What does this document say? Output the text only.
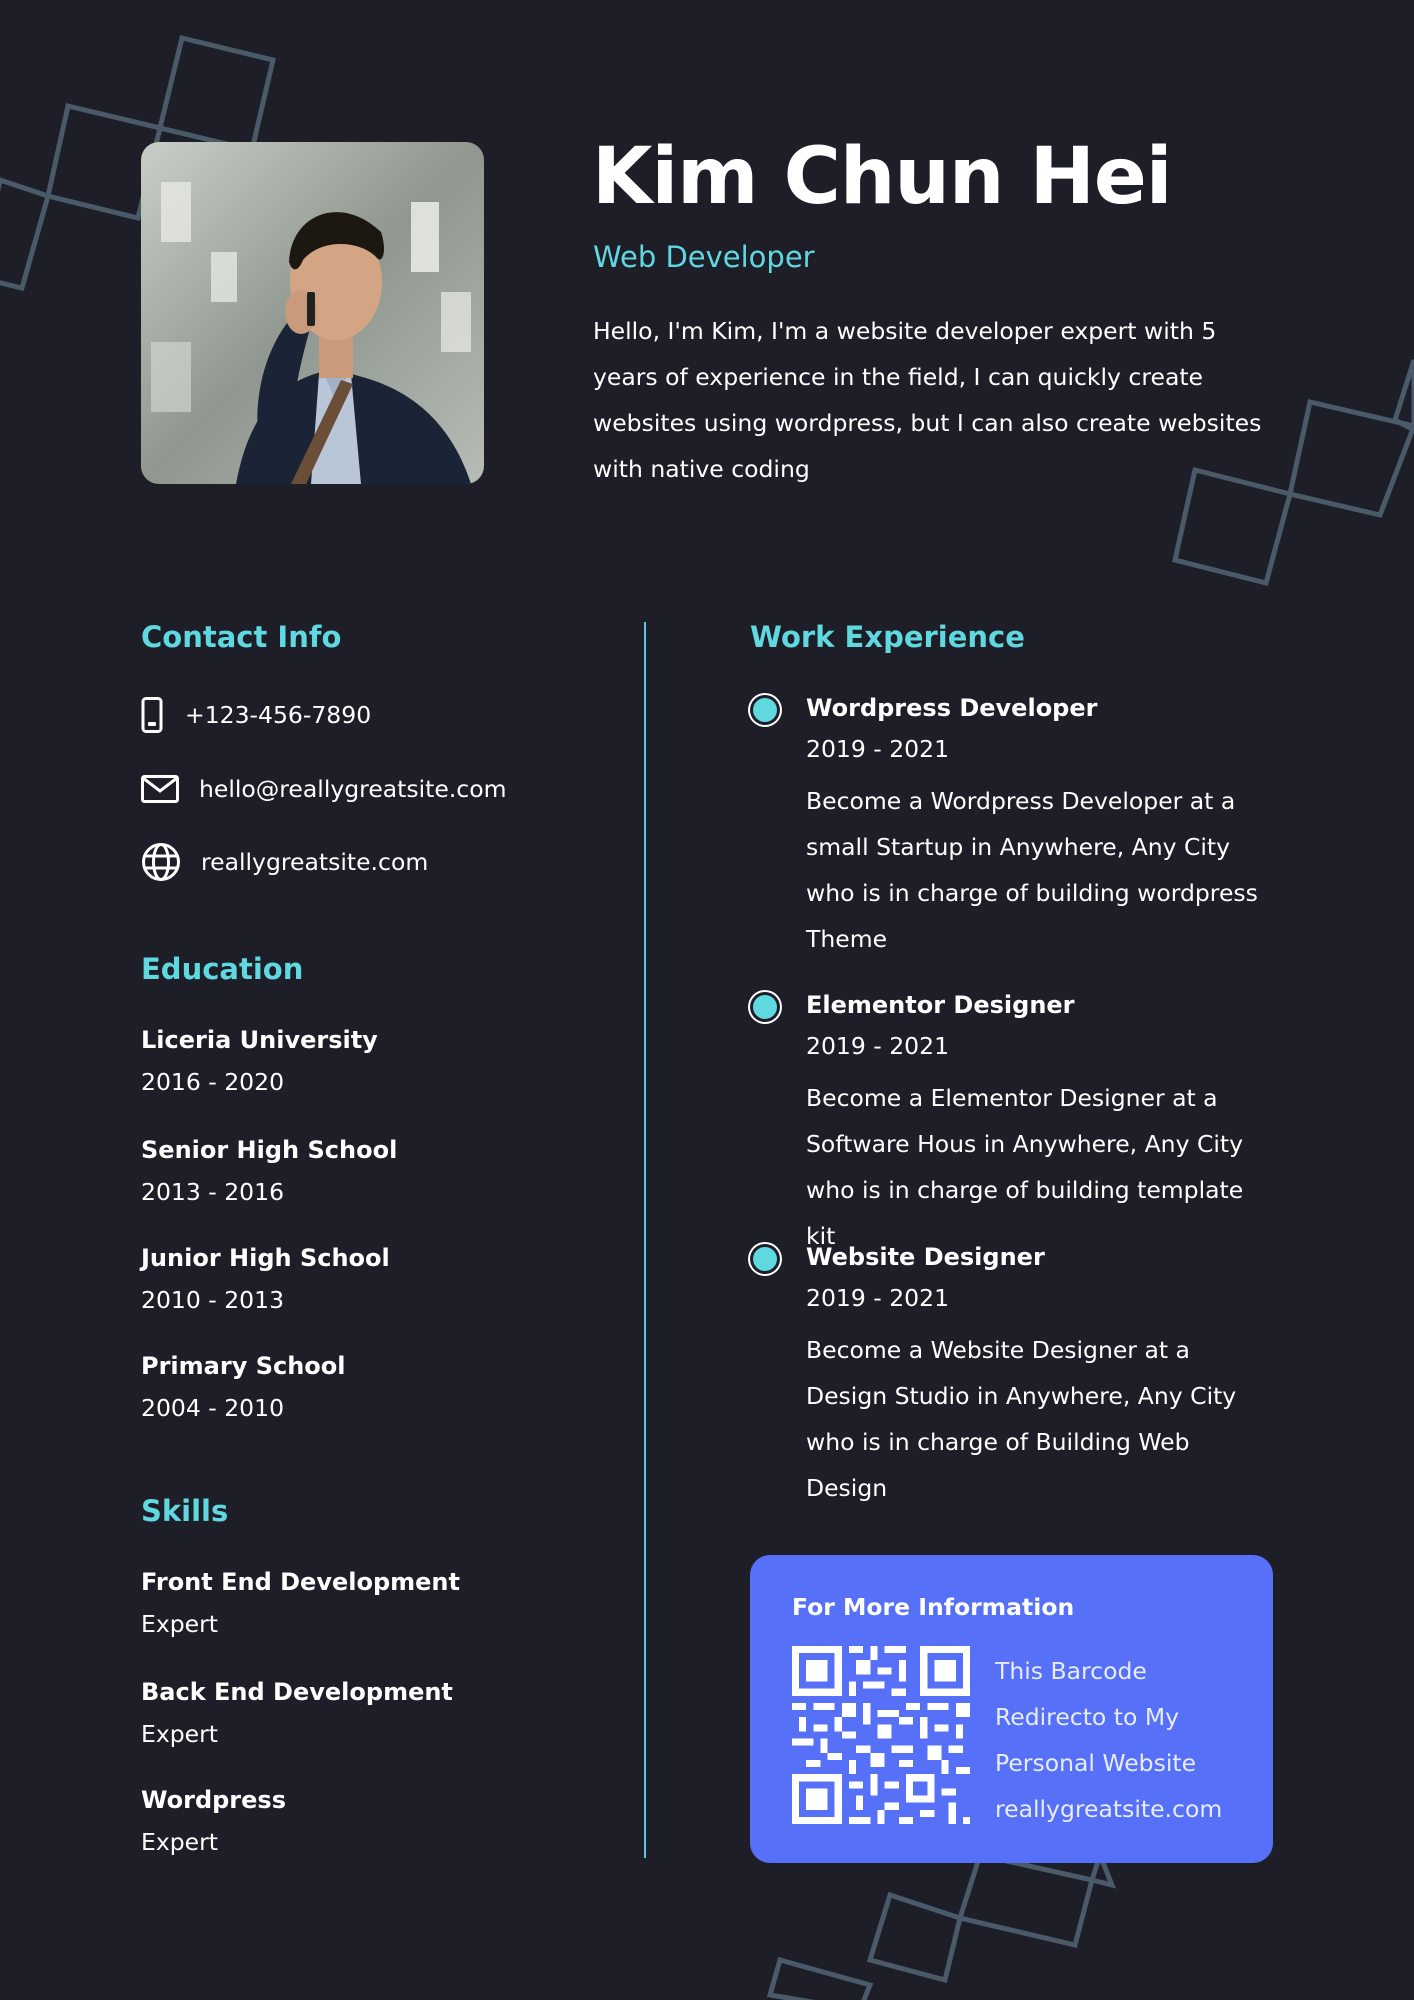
Kim Chun Hei
Web Developer
Hello, I'm Kim, I'm a website developer expert with 5 years of experience in the field, I can quickly create websites using wordpress, but I can also create websites with native coding
Contact Info
+123-456-7890
hello@reallygreatsite.com
reallygreatsite.com
Education
Liceria University
2016 - 2020
Senior High School
2013 - 2016
Junior High School
2010 - 2013
Primary School
2004 - 2010
Skills
Front End Development
Expert
Back End Development
Expert
Wordpress
Expert
Work Experience
Wordpress Developer
2019 - 2021
Become a Wordpress Developer at a small Startup in Anywhere, Any City who is in charge of building wordpress Theme
Elementor Designer
2019 - 2021
Become a Elementor Designer at a Software Hous in Anywhere, Any City who is in charge of building template kit
Website Designer
2019 - 2021
Become a Website Designer at a Design Studio in Anywhere, Any City who is in charge of Building Web Design
For More Information
This Barcode
Redirecto to My
Personal Website
reallygreatsite.com
